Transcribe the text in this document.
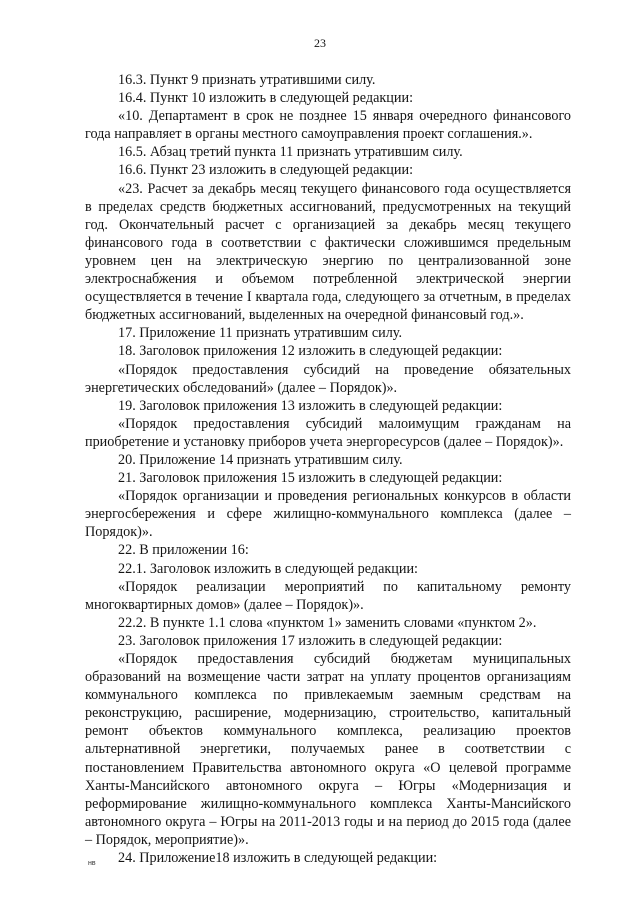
23

16.3. Пункт 9 признать утратившими силу.

16.4. Пункт 10 изложить в следующей редакции:

«10. Департамент в срок не позднее 15 января очередного финансового года направляет в органы местного самоуправления проект соглашения.».

16.5. Абзац третий пункта 11 признать утратившим силу.

16.6. Пункт 23 изложить в следующей редакции:

«23. Расчет за декабрь месяц текущего финансового года осуществляется в пределах средств бюджетных ассигнований, предусмотренных на текущий год. Окончательный расчет с организацией за декабрь месяц текущего финансового года в соответствии с фактически сложившимся предельным уровнем цен на электрическую энергию по централизованной зоне электроснабжения и объемом потребленной электрической энергии осуществляется в течение I квартала года, следующего за отчетным, в пределах бюджетных ассигнований, выделенных на очередной финансовый год.».

17. Приложение 11 признать утратившим силу.

18. Заголовок приложения 12 изложить в следующей редакции:

«Порядок предоставления субсидий на проведение обязательных энергетических обследований» (далее – Порядок)».

19. Заголовок приложения 13 изложить в следующей редакции:

«Порядок предоставления субсидий малоимущим гражданам на приобретение и установку приборов учета энергоресурсов (далее – Порядок)».

20. Приложение 14 признать утратившим силу.

21. Заголовок приложения 15 изложить в следующей редакции:

«Порядок организации и проведения региональных конкурсов в области энергосбережения и сфере жилищно-коммунального комплекса (далее – Порядок)».

22. В приложении 16:

22.1. Заголовок изложить в следующей редакции:

«Порядок реализации мероприятий по капитальному ремонту многоквартирных домов» (далее – Порядок)».

22.2. В пункте 1.1 слова «пунктом 1» заменить словами «пунктом 2».

23. Заголовок приложения 17 изложить в следующей редакции:

«Порядок предоставления субсидий бюджетам муниципальных образований на возмещение части затрат на уплату процентов организациям коммунального комплекса по привлекаемым заемным средствам на реконструкцию, расширение, модернизацию, строительство, капитальный ремонт объектов коммунального комплекса, реализацию проектов альтернативной энергетики, получаемых ранее в соответствии с постановлением Правительства автономного округа «О целевой программе Ханты-Мансийского автономного округа – Югры «Модернизация и реформирование жилищно-коммунального комплекса Ханты-Мансийского автономного округа – Югры на 2011-2013 годы и на период до 2015 года (далее – Порядок, мероприятие)».

24. Приложение18 изложить в следующей редакции:

нв
